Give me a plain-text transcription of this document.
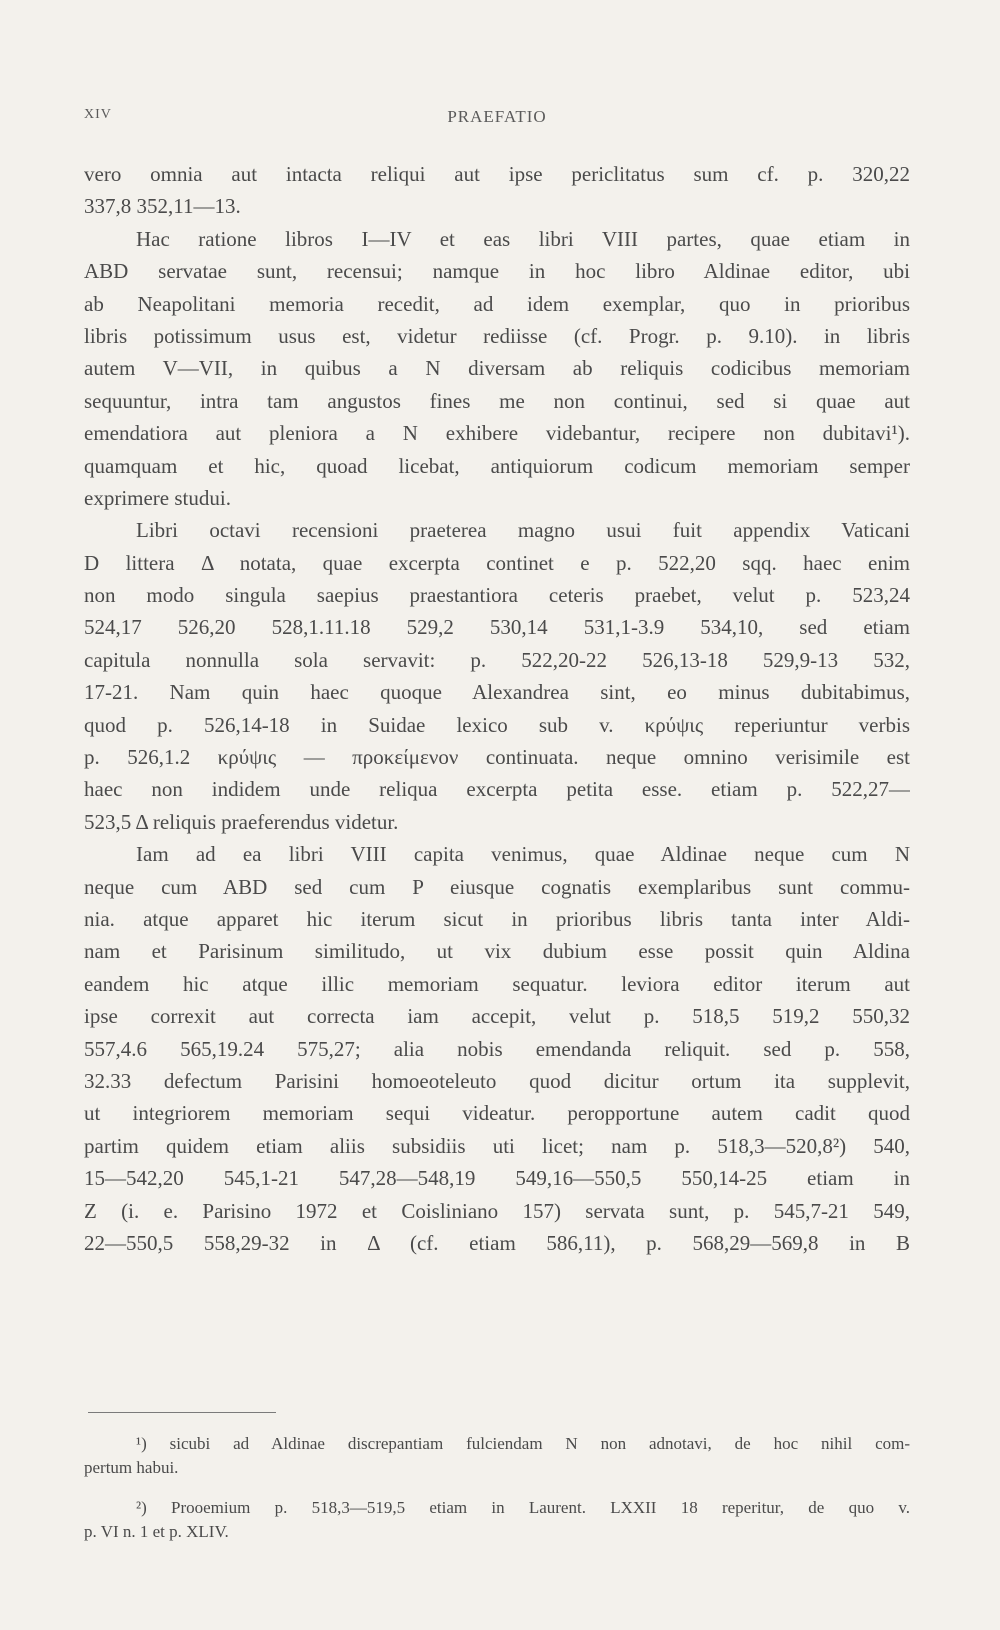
XIV	PRAEFATIO
vero omnia aut intacta reliqui aut ipse periclitatus sum cf. p. 320,22
337,8 352,11—13.
Hac ratione libros I—IV et eas libri VIII partes, quae etiam in
ABD servatae sunt, recensui; namque in hoc libro Aldinae editor, ubi
ab Neapolitani memoria recedit, ad idem exemplar, quo in prioribus
libris potissimum usus est, videtur rediisse (cf. Progr. p. 9.10). in libris
autem V—VII, in quibus a N diversam ab reliquis codicibus memoriam
sequuntur, intra tam angustos fines me non continui, sed si quae aut
emendatiora aut pleniora a N exhibere videbantur, recipere non dubitavi¹).
quamquam et hic, quoad licebat, antiquiorum codicum memoriam semper
exprimere studui.
Libri octavi recensioni praeterea magno usui fuit appendix Vaticani
D littera Δ notata, quae excerpta continet e p. 522,20 sqq. haec enim
non modo singula saepius praestantiora ceteris praebet, velut p. 523,24
524,17 526,20 528,1.11.18 529,2 530,14 531,1-3.9 534,10, sed etiam
capitula nonnulla sola servavit: p. 522,20-22 526,13-18 529,9-13 532,
17-21. Nam quin haec quoque Alexandrea sint, eo minus dubitabimus,
quod p. 526,14-18 in Suidae lexico sub v. κρύψις reperiuntur verbis
p. 526,1.2 κρύψις — προκείμενον continuata. neque omnino verisimile est
haec non indidem unde reliqua excerpta petita esse. etiam p. 522,27—
523,5 Δ reliquis praeferendus videtur.
Iam ad ea libri VIII capita venimus, quae Aldinae neque cum N
neque cum ABD sed cum P eiusque cognatis exemplaribus sunt commu-
nia. atque apparet hic iterum sicut in prioribus libris tanta inter Aldi-
nam et Parisinum similitudo, ut vix dubium esse possit quin Aldina
eandem hic atque illic memoriam sequatur. leviora editor iterum aut
ipse correxit aut correcta iam accepit, velut p. 518,5 519,2 550,32
557,4.6 565,19.24 575,27; alia nobis emendanda reliquit. sed p. 558,
32.33 defectum Parisini homoeoteleuto quod dicitur ortum ita supplevit,
ut integriorem memoriam sequi videatur. peropportune autem cadit quod
partim quidem etiam aliis subsidiis uti licet; nam p. 518,3—520,8²) 540,
15—542,20 545,1-21 547,28—548,19 549,16—550,5 550,14-25 etiam in
Z (i. e. Parisino 1972 et Coisliniano 157) servata sunt, p. 545,7-21 549,
22—550,5 558,29-32 in Δ (cf. etiam 586,11), p. 568,29—569,8 in B
¹) sicubi ad Aldinae discrepantiam fulciendam N non adnotavi, de hoc nihil com-
pertum habui.
²) Prooemium p. 518,3—519,5 etiam in Laurent. LXXII 18 reperitur, de quo v.
p. VI n. 1 et p. XLIV.
